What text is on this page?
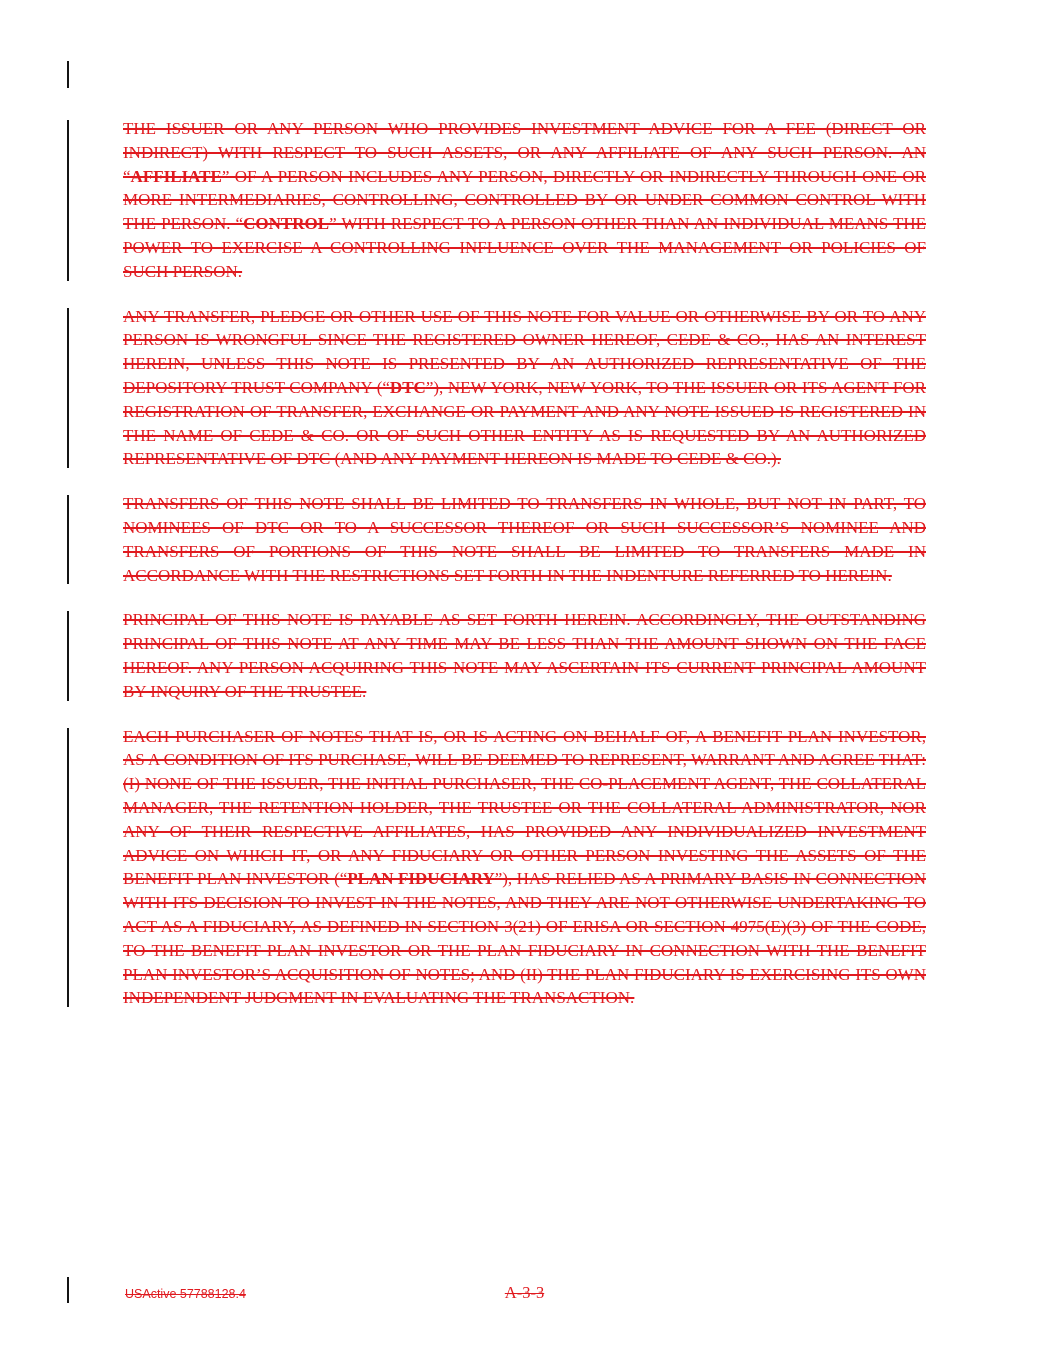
THE ISSUER OR ANY PERSON WHO PROVIDES INVESTMENT ADVICE FOR A FEE (DIRECT OR INDIRECT) WITH RESPECT TO SUCH ASSETS, OR ANY AFFILIATE OF ANY SUCH PERSON. AN “AFFILIATE” OF A PERSON INCLUDES ANY PERSON, DIRECTLY OR INDIRECTLY THROUGH ONE OR MORE INTERMEDIARIES, CONTROLLING, CONTROLLED BY OR UNDER COMMON CONTROL WITH THE PERSON. “CONTROL” WITH RESPECT TO A PERSON OTHER THAN AN INDIVIDUAL MEANS THE POWER TO EXERCISE A CONTROLLING INFLUENCE OVER THE MANAGEMENT OR POLICIES OF SUCH PERSON.

ANY TRANSFER, PLEDGE OR OTHER USE OF THIS NOTE FOR VALUE OR OTHERWISE BY OR TO ANY PERSON IS WRONGFUL SINCE THE REGISTERED OWNER HEREOF, CEDE & CO., HAS AN INTEREST HEREIN, UNLESS THIS NOTE IS PRESENTED BY AN AUTHORIZED REPRESENTATIVE OF THE DEPOSITORY TRUST COMPANY (“DTC”), NEW YORK, NEW YORK, TO THE ISSUER OR ITS AGENT FOR REGISTRATION OF TRANSFER, EXCHANGE OR PAYMENT AND ANY NOTE ISSUED IS REGISTERED IN THE NAME OF CEDE & CO. OR OF SUCH OTHER ENTITY AS IS REQUESTED BY AN AUTHORIZED REPRESENTATIVE OF DTC (AND ANY PAYMENT HEREON IS MADE TO CEDE & CO.).

TRANSFERS OF THIS NOTE SHALL BE LIMITED TO TRANSFERS IN WHOLE, BUT NOT IN PART, TO NOMINEES OF DTC OR TO A SUCCESSOR THEREOF OR SUCH SUCCESSOR’S NOMINEE AND TRANSFERS OF PORTIONS OF THIS NOTE SHALL BE LIMITED TO TRANSFERS MADE IN ACCORDANCE WITH THE RESTRICTIONS SET FORTH IN THE INDENTURE REFERRED TO HEREIN.

PRINCIPAL OF THIS NOTE IS PAYABLE AS SET FORTH HEREIN. ACCORDINGLY, THE OUTSTANDING PRINCIPAL OF THIS NOTE AT ANY TIME MAY BE LESS THAN THE AMOUNT SHOWN ON THE FACE HEREOF. ANY PERSON ACQUIRING THIS NOTE MAY ASCERTAIN ITS CURRENT PRINCIPAL AMOUNT BY INQUIRY OF THE TRUSTEE.

EACH PURCHASER OF NOTES THAT IS, OR IS ACTING ON BEHALF OF, A BENEFIT PLAN INVESTOR, AS A CONDITION OF ITS PURCHASE, WILL BE DEEMED TO REPRESENT, WARRANT AND AGREE THAT: (I) NONE OF THE ISSUER, THE INITIAL PURCHASER, THE CO-PLACEMENT AGENT, THE COLLATERAL MANAGER, THE RETENTION HOLDER, THE TRUSTEE OR THE COLLATERAL ADMINISTRATOR, NOR ANY OF THEIR RESPECTIVE AFFILIATES, HAS PROVIDED ANY INDIVIDUALIZED INVESTMENT ADVICE ON WHICH IT, OR ANY FIDUCIARY OR OTHER PERSON INVESTING THE ASSETS OF THE BENEFIT PLAN INVESTOR (“PLAN FIDUCIARY”), HAS RELIED AS A PRIMARY BASIS IN CONNECTION WITH ITS DECISION TO INVEST IN THE NOTES, AND THEY ARE NOT OTHERWISE UNDERTAKING TO ACT AS A FIDUCIARY, AS DEFINED IN SECTION 3(21) OF ERISA OR SECTION 4975(E)(3) OF THE CODE, TO THE BENEFIT PLAN INVESTOR OR THE PLAN FIDUCIARY IN CONNECTION WITH THE BENEFIT PLAN INVESTOR’S ACQUISITION OF NOTES; AND (II) THE PLAN FIDUCIARY IS EXERCISING ITS OWN INDEPENDENT JUDGMENT IN EVALUATING THE TRANSACTION.

USActive 57788128.4	A-3-3
